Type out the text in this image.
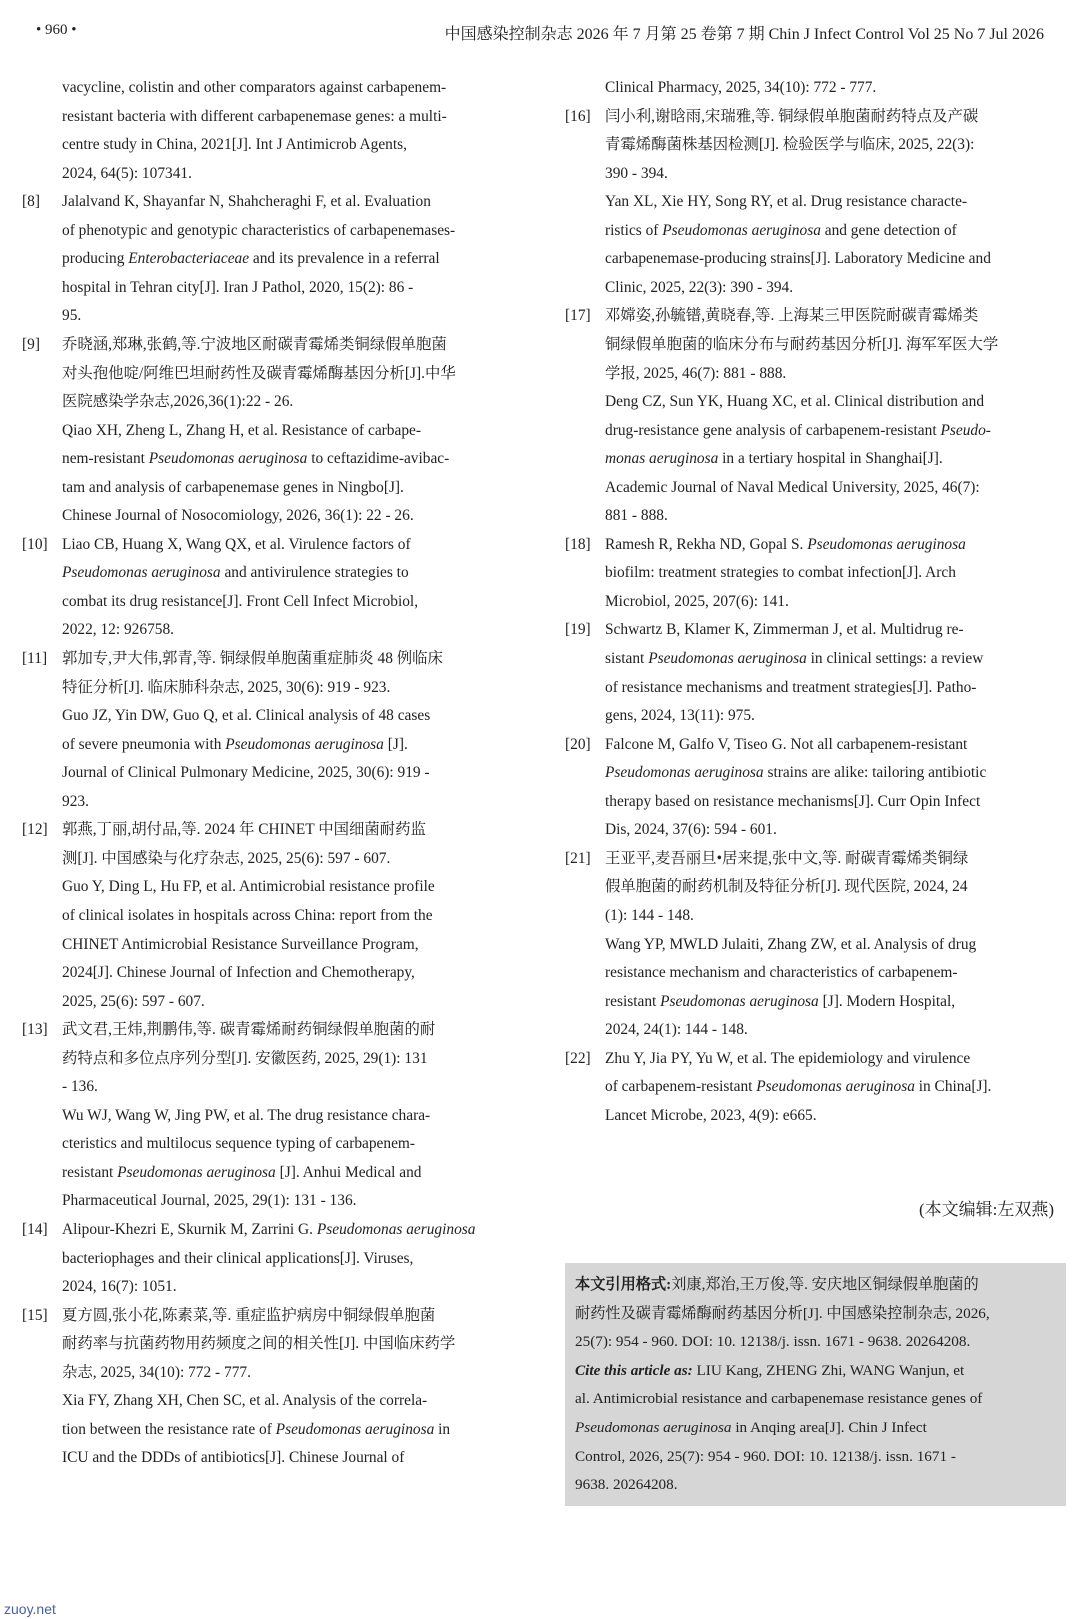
• 960 •	中国感染控制杂志 2026 年 7 月第 25 卷第 7 期 Chin J Infect Control Vol 25 No 7 Jul 2026
vacycline, colistin and other comparators against carbapenem-
resistant bacteria with different carbapenemase genes: a multi-
centre study in China, 2021[J]. Int J Antimicrob Agents,
2024, 64(5): 107341.
[8] Jalalvand K, Shayanfar N, Shahcheraghi F, et al. Evaluation
of phenotypic and genotypic characteristics of carbapenemases-
producing Enterobacteriaceae and its prevalence in a referral
hospital in Tehran city[J]. Iran J Pathol, 2020, 15(2): 86 -
95.
[9] 乔晓涵,郑琳,张鹤,等.宁波地区耐碳青霉烯类铜绿假单胞菌
对头孢他啶/阿维巴坦耐药性及碳青霉烯酶基因分析[J].中华
医院感染学杂志,2026,36(1):22 - 26.
Qiao XH, Zheng L, Zhang H, et al. Resistance of carbape-
nem-resistant Pseudomonas aeruginosa to ceftazidime-avibac-
tam and analysis of carbapenemase genes in Ningbo[J].
Chinese Journal of Nosocomiology, 2026, 36(1): 22 - 26.
[10] Liao CB, Huang X, Wang QX, et al. Virulence factors of
Pseudomonas aeruginosa and antivirulence strategies to
combat its drug resistance[J]. Front Cell Infect Microbiol,
2022, 12: 926758.
[11] 郭加专,尹大伟,郭青,等. 铜绿假单胞菌重症肺炎 48 例临床
特征分析[J]. 临床肺科杂志, 2025, 30(6): 919 - 923.
Guo JZ, Yin DW, Guo Q, et al. Clinical analysis of 48 cases
of severe pneumonia with Pseudomonas aeruginosa [J].
Journal of Clinical Pulmonary Medicine, 2025, 30(6): 919 -
923.
[12] 郭燕,丁丽,胡付品,等. 2024 年 CHINET 中国细菌耐药监
测[J]. 中国感染与化疗杂志, 2025, 25(6): 597 - 607.
Guo Y, Ding L, Hu FP, et al. Antimicrobial resistance profile
of clinical isolates in hospitals across China: report from the
CHINET Antimicrobial Resistance Surveillance Program,
2024[J]. Chinese Journal of Infection and Chemotherapy,
2025, 25(6): 597 - 607.
[13] 武文君,王炜,荆鹏伟,等. 碳青霉烯耐药铜绿假单胞菌的耐
药特点和多位点序列分型[J]. 安徽医药, 2025, 29(1): 131
- 136.
Wu WJ, Wang W, Jing PW, et al. The drug resistance chara-
cteristics and multilocus sequence typing of carbapenem-
resistant Pseudomonas aeruginosa [J]. Anhui Medical and
Pharmaceutical Journal, 2025, 29(1): 131 - 136.
[14] Alipour-Khezri E, Skurnik M, Zarrini G. Pseudomonas aeruginosa
bacteriophages and their clinical applications[J]. Viruses,
2024, 16(7): 1051.
[15] 夏方圆,张小花,陈素菜,等. 重症监护病房中铜绿假单胞菌
耐药率与抗菌药物用药频度之间的相关性[J]. 中国临床药学
杂志, 2025, 34(10): 772 - 777.
Xia FY, Zhang XH, Chen SC, et al. Analysis of the correla-
tion between the resistance rate of Pseudomonas aeruginosa in
ICU and the DDDs of antibiotics[J]. Chinese Journal of
Clinical Pharmacy, 2025, 34(10): 772 - 777.
[16] 闫小利,谢晗雨,宋瑞雅,等. 铜绿假单胞菌耐药特点及产碳
青霉烯酶菌株基因检测[J]. 检验医学与临床, 2025, 22(3):
390 - 394.
Yan XL, Xie HY, Song RY, et al. Drug resistance characte-
ristics of Pseudomonas aeruginosa and gene detection of
carbapenemase-producing strains[J]. Laboratory Medicine and
Clinic, 2025, 22(3): 390 - 394.
[17] 邓嫦姿,孙毓镨,黄晓春,等. 上海某三甲医院耐碳青霉烯类
铜绿假单胞菌的临床分布与耐药基因分析[J]. 海军军医大学
学报, 2025, 46(7): 881 - 888.
Deng CZ, Sun YK, Huang XC, et al. Clinical distribution and
drug-resistance gene analysis of carbapenem-resistant Pseudo-
monas aeruginosa in a tertiary hospital in Shanghai[J].
Academic Journal of Naval Medical University, 2025, 46(7):
881 - 888.
[18] Ramesh R, Rekha ND, Gopal S. Pseudomonas aeruginosa
biofilm: treatment strategies to combat infection[J]. Arch
Microbiol, 2025, 207(6): 141.
[19] Schwartz B, Klamer K, Zimmerman J, et al. Multidrug re-
sistant Pseudomonas aeruginosa in clinical settings: a review
of resistance mechanisms and treatment strategies[J]. Patho-
gens, 2024, 13(11): 975.
[20] Falcone M, Galfo V, Tiseo G. Not all carbapenem-resistant
Pseudomonas aeruginosa strains are alike: tailoring antibiotic
therapy based on resistance mechanisms[J]. Curr Opin Infect
Dis, 2024, 37(6): 594 - 601.
[21] 王亚平,麦吾丽旦•居来提,张中文,等. 耐碳青霉烯类铜绿
假单胞菌的耐药机制及特征分析[J]. 现代医院, 2024, 24
(1): 144 - 148.
Wang YP, MWLD Julaiti, Zhang ZW, et al. Analysis of drug
resistance mechanism and characteristics of carbapenem-
resistant Pseudomonas aeruginosa [J]. Modern Hospital,
2024, 24(1): 144 - 148.
[22] Zhu Y, Jia PY, Yu W, et al. The epidemiology and virulence
of carbapenem-resistant Pseudomonas aeruginosa in China[J].
Lancet Microbe, 2023, 4(9): e665.
(本文编辑:左双燕)
本文引用格式:刘康,郑治,王万俊,等. 安庆地区铜绿假单胞菌的
耐药性及碳青霉烯酶耐药基因分析[J]. 中国感染控制杂志, 2026,
25(7): 954 - 960. DOI: 10. 12138/j. issn. 1671 - 9638. 20264208.
Cite this article as: LIU Kang, ZHENG Zhi, WANG Wanjun, et
al. Antimicrobial resistance and carbapenemase resistance genes of
Pseudomonas aeruginosa in Anqing area[J]. Chin J Infect
Control, 2026, 25(7): 954 - 960. DOI: 10. 12138/j. issn. 1671 -
9638. 20264208.
zuoy.net
